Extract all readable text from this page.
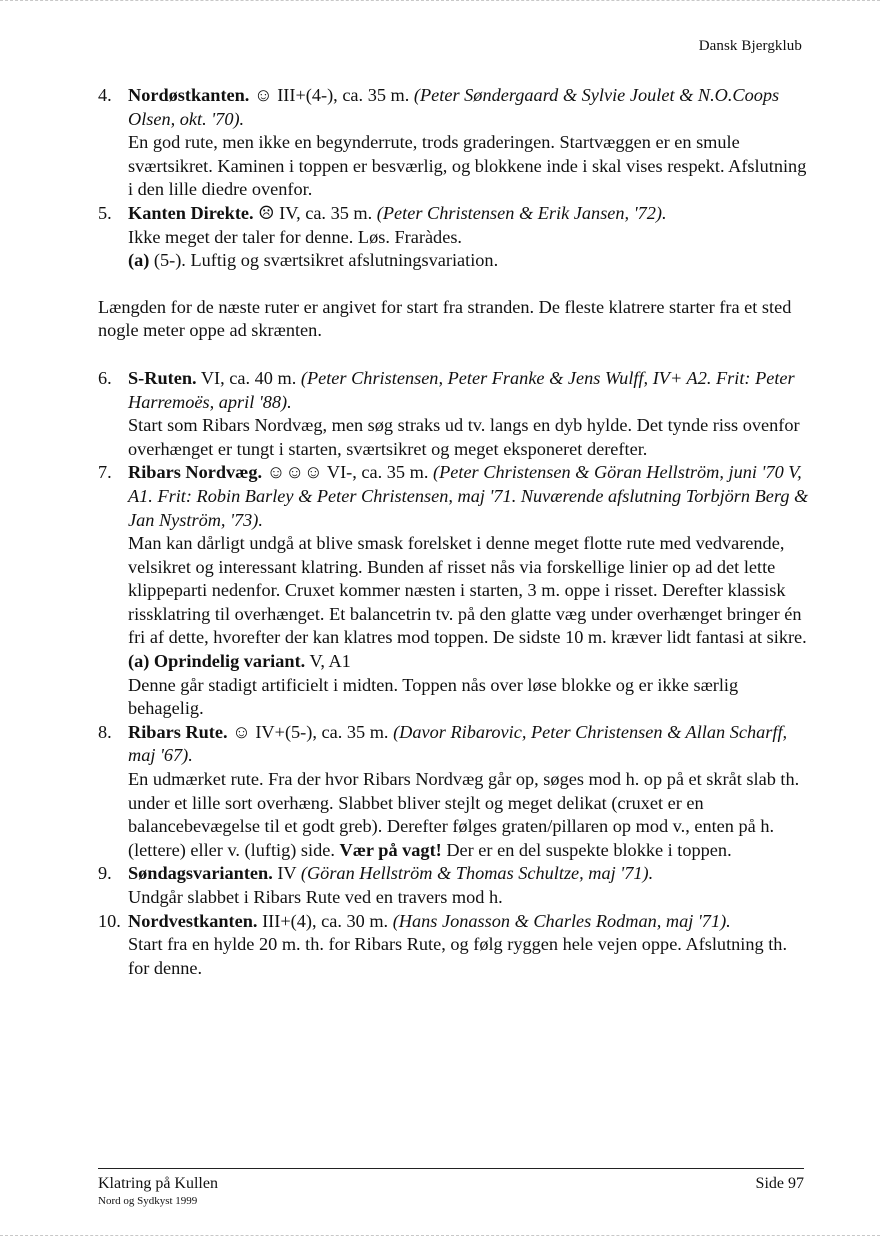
Dansk Bjergklub
4. Nordøstkanten. ☺ III+(4-), ca. 35 m. (Peter Søndergaard & Sylvie Joulet & N.O.Coops Olsen, okt. '70).

En god rute, men ikke en begynderrute, trods graderingen. Startvæggen er en smule sværtsikret. Kaminen i toppen er besværlig, og blokkene inde i skal vises respekt. Afslutning i den lille diedre ovenfor.

5. Kanten Direkte. ☹ IV, ca. 35 m. (Peter Christensen & Erik Jansen, '72).

Ikke meget der taler for denne. Løs. Fraràdes.

(a) (5-). Luftig og sværtsikret afslutningsvariation.

Længden for de næste ruter er angivet for start fra stranden. De fleste klatrere starter fra et sted nogle meter oppe ad skrænten.

6. S-Ruten. VI, ca. 40 m. (Peter Christensen, Peter Franke & Jens Wulff, IV+ A2. Frit: Peter Harremoës, april '88).

Start som Ribars Nordvæg, men søg straks ud tv. langs en dyb hylde. Det tynde riss ovenfor overhænget er tungt i starten, sværtsikret og meget eksponeret derefter.

7. Ribars Nordvæg. ☺☺☺ VI-, ca. 35 m. (Peter Christensen & Göran Hellström, juni '70 V, A1. Frit: Robin Barley & Peter Christensen, maj '71. Nuværende afslutning Torbjörn Berg & Jan Nyström, '73).

Man kan dårligt undgå at blive smask forelsket i denne meget flotte rute med vedvarende, velsikret og interessant klatring. Bunden af risset nås via forskellige linier op ad det lette klippeparti nedenfor. Cruxet kommer næsten i starten, 3 m. oppe i risset. Derefter klassisk rissklatring til overhænget. Et balancetrin tv. på den glatte væg under overhænget bringer én fri af dette, hvorefter der kan klatres mod toppen. De sidste 10 m. kræver lidt fantasi at sikre.

(a) Oprindelig variant. V, A1

Denne går stadigt artificielt i midten. Toppen nås over løse blokke og er ikke særlig behagelig.

8. Ribars Rute. ☺ IV+(5-), ca. 35 m. (Davor Ribarovic, Peter Christensen & Allan Scharff, maj '67).

En udmærket rute. Fra der hvor Ribars Nordvæg går op, søges mod h. op på et skråt slab th. under et lille sort overhæng. Slabbet bliver stejlt og meget delikat (cruxet er en balancebevægelse til et godt greb). Derefter følges graten/pillaren op mod v., enten på h. (lettere) eller v. (luftig) side. Vær på vagt! Der er en del suspekte blokke i toppen.

9. Søndagsvarianten. IV (Göran Hellström & Thomas Schultze, maj '71).

Undgår slabbet i Ribars Rute ved en travers mod h.

10. Nordvestkanten. III+(4), ca. 30 m. (Hans Jonasson & Charles Rodman, maj '71).

Start fra en hylde 20 m. th. for Ribars Rute, og følg ryggen hele vejen oppe. Afslutning th. for denne.

Klatring på Kullen
Nord og Sydkyst 1999
Side 97
